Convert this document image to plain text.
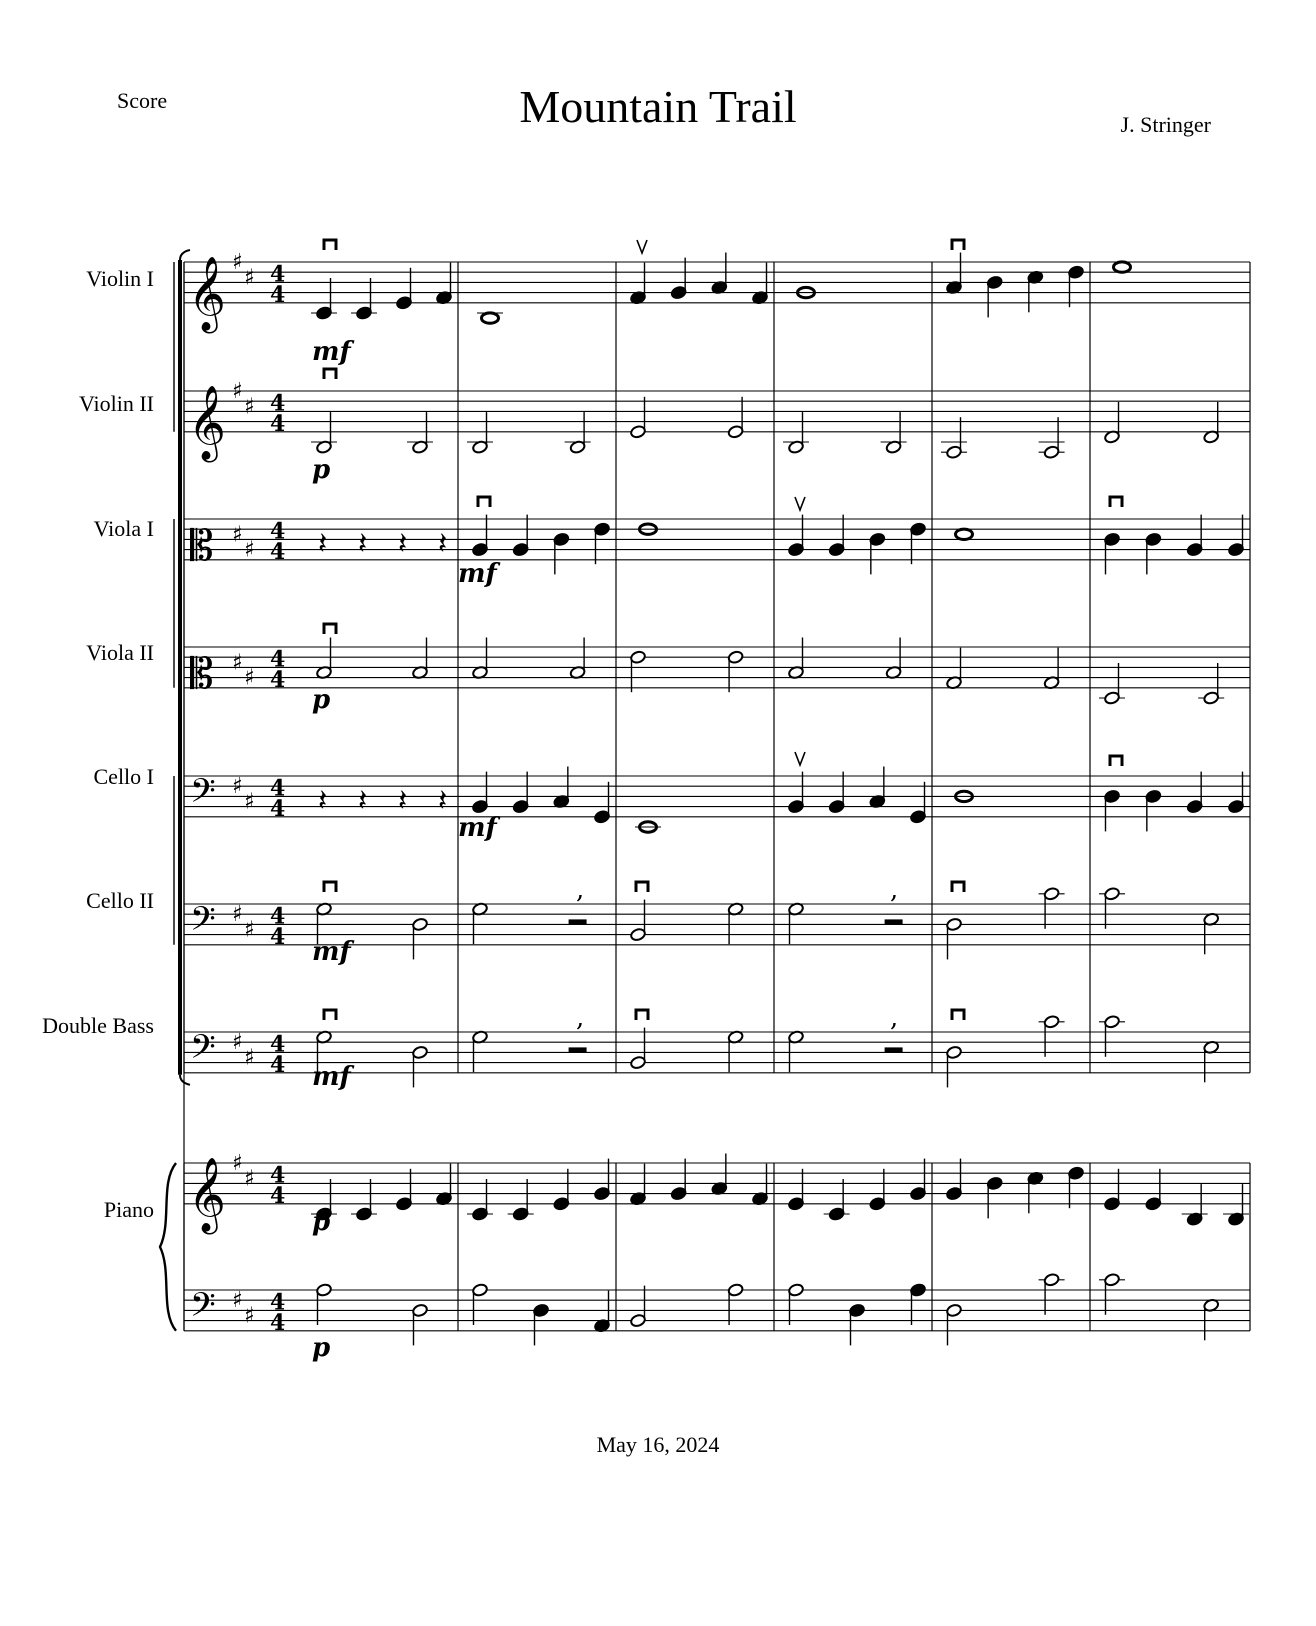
Score	Mountain Trail	J. Stringer
Violin I
Violin II
Viola I
Viola II
Cello I
Cello II
Double Bass
Piano
𝄞 ♯
♯ 4
4
𝄞 ♯
♯ 4
4
𝄡 ♯
♯
4
4
𝄡 ♯
♯
4
4
𝄢 ♯
♯
4
4
𝄢 ♯
♯
4
4
𝄢 ♯
♯
4
4
𝄞 ♯
♯ 4
4
𝄢 ♯
♯
4
4
𝄽 𝄽 𝄽 𝄽
𝄽 𝄽 𝄽 𝄽
mf
p
mf
p
mf
mf
mf
p
p
,	,
,	,
May 16, 2024
